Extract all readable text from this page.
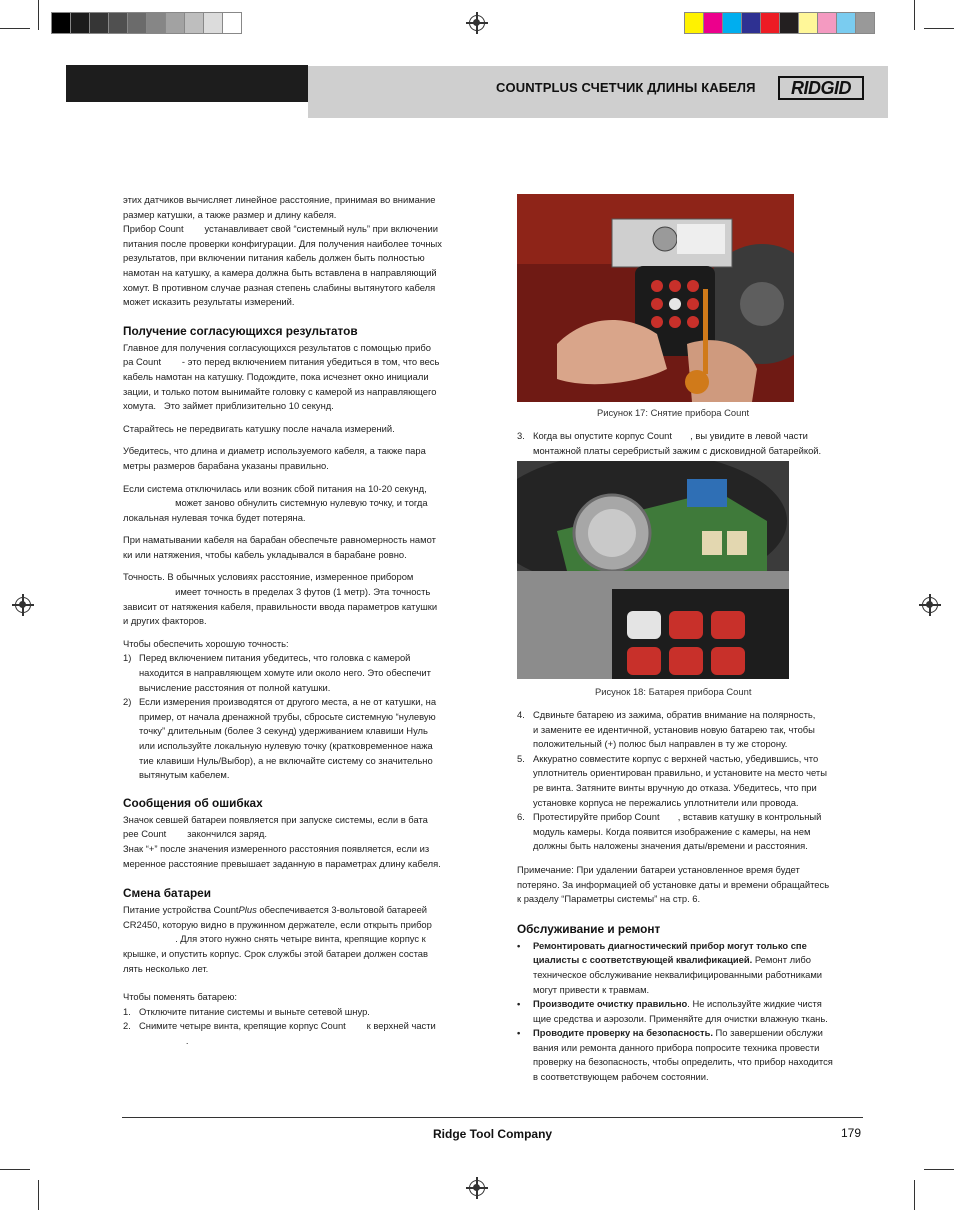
COUNTPLUS СЧЕТЧИК ДЛИНЫ КАБЕЛЯ RIDGID

этих датчиков вычисляет линейное расстояние, принимая во внимание

размер катушки, а также размер и длину кабеля.

Прибор Count        устанавливает свой “системный нуль” при включении

питания после проверки конфигурации. Для получения наиболее точных

результатов, при включении питания кабель должен быть полностью

намотан на катушку, а камера должна быть вставлена в направляющий

хомут. В противном случае разная степень слабины вытянутого кабеля

может исказить результаты измерений.

Получение согласующихся результатов

Главное для получения согласующихся результатов с помощью прибо

ра Count        - это перед включением питания убедиться в том, что весь

кабель намотан на катушку. Подождите, пока исчезнет окно инициали

зации, и только потом вынимайте головку с камерой из направляющего

хомута.   Это займет приблизительно 10 секунд.

Старайтесь не передвигать катушку после начала измерений.

Убедитесь, что длина и диаметр используемого кабеля, а также пара

метры размеров барабана указаны правильно.

Если система отключилась или возник сбой питания на 10-20 секунд,

может заново обнулить системную нулевую точку, и тогда

локальная нулевая точка будет потеряна.

При наматывании кабеля на барабан обеспечьте равномерность намот

ки или натяжения, чтобы кабель укладывался в барабане ровно.

Точность. В обычных условиях расстояние, измеренное прибором

имеет точность в пределах 3 футов (1 метр). Эта точность

зависит от натяжения кабеля, правильности ввода параметров катушки

и других факторов.

Чтобы обеспечить хорошую точность:

1) Перед включением питания убедитесь, что головка с камерой

находится в направляющем хомуте или около него. Это обеспечит

вычисление расстояния от полной катушки.

2) Если измерения производятся от другого места, а не от катушки, на

пример, от начала дренажной трубы, сбросьте системную “нулевую

точку” длительным (более 3 секунд) удерживанием клавиши Нуль

или используйте локальную нулевую точку (кратковременное нажа

тие клавиши Нуль/Выбор), а не включайте систему со значительно

вытянутым кабелем.

Сообщения об ошибках

Значок севшей батареи появляется при запуске системы, если в бата

рее Count        закончился заряд.

Знак “+” после значения измеренного расстояния появляется, если из

меренное расстояние превышает заданную в параметрах длину кабеля.

Смена батареи

Питание устройства CountPlus обеспечивается 3-вольтовой батареей

CR2450, которую видно в пружинном держателе, если открыть прибор

. Для этого нужно снять четыре винта, крепящие корпус к

крышке, и опустить корпус. Срок службы этой батареи должен состав

лять несколько лет.

Чтобы поменять батарею:

1. Отключите питание системы и выньте сетевой шнур.

2. Снимите четыре винта, крепящие корпус Count        к верхней части

.

Рисунок 17: Снятие прибора Count
3. Когда вы опустите корпус Count       , вы увидите в левой части

монтажной платы серебристый зажим с дисковидной батарейкой.

Рисунок 18: Батарея прибора Count
4. Сдвиньте батарею из зажима, обратив внимание на полярность,

и замените ее идентичной, установив новую батарею так, чтобы

положительный (+) полюс был направлен в ту же сторону.

5. Аккуратно совместите корпус с верхней частью, убедившись, что

уплотнитель ориентирован правильно, и установите на место четы

ре винта. Затяните винты вручную до отказа. Убедитесь, что при

установке корпуса не пережались уплотнители или провода.

6. Протестируйте прибор Count       , вставив катушку в контрольный

модуль камеры. Когда появится изображение с камеры, на нем

должны быть наложены значения даты/времени и расстояния.

Примечание: При удалении батареи установленное время будет

потеряно. За информацией об установке даты и времени обращайтесь

к разделу “Параметры системы” на стр. 6.

Обслуживание и ремонт
•	Ремонтировать диагностический прибор могут только спе

циалисты с соответствующей квалификацией. Ремонт либо

техническое обслуживание неквалифицированными работниками

могут привести к травмам.

•	Производите очистку правильно. Не используйте жидкие чистя

щие средства и аэрозоли. Применяйте для очистки влажную ткань.

•	Проводите проверку на безопасность. По завершении обслужи

вания или ремонта данного прибора попросите техника провести

проверку на безопасность, чтобы определить, что прибор находится

в соответствующем рабочем состоянии.

Ridge Tool Company	179
